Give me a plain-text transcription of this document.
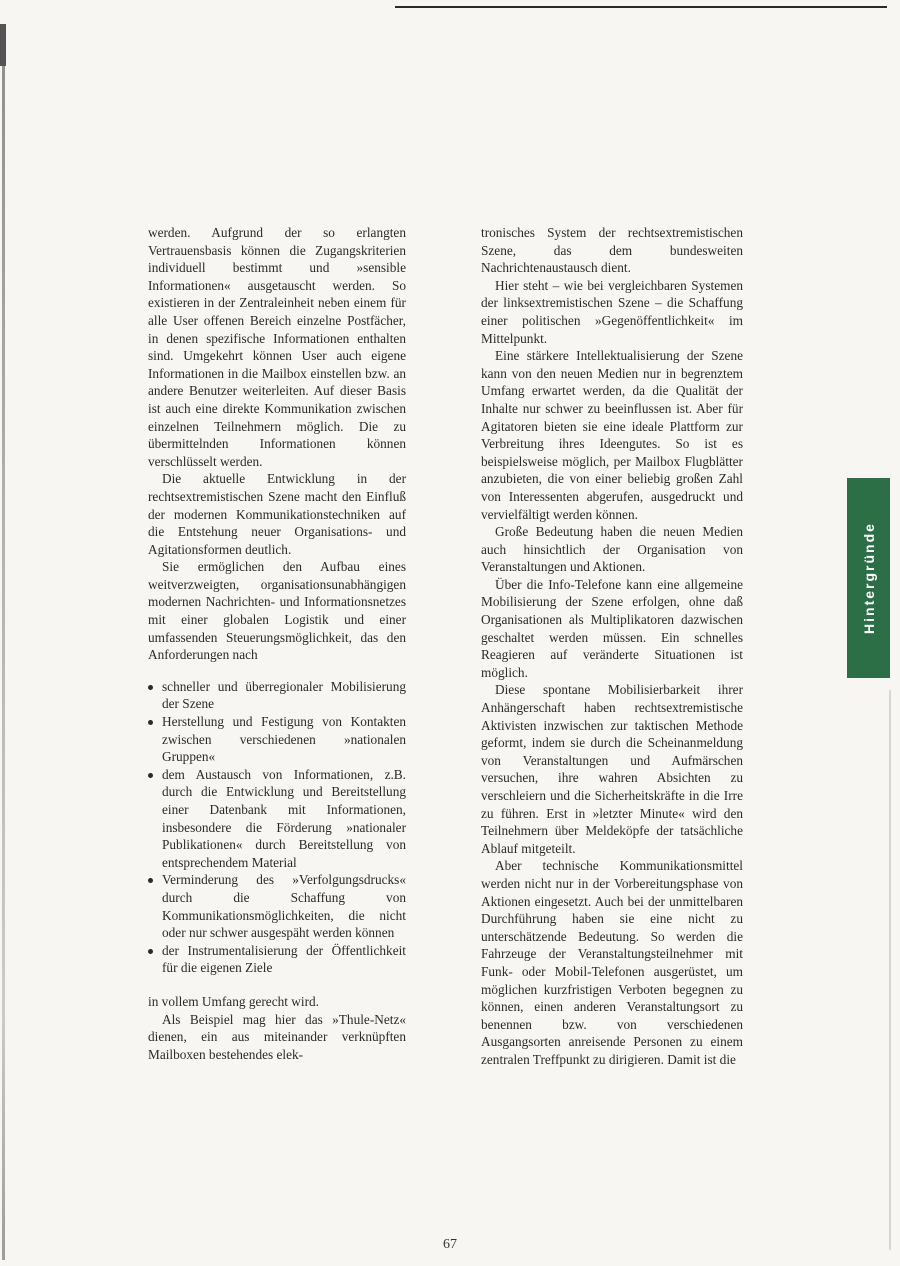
werden. Aufgrund der so erlangten Vertrauensbasis können die Zugangskriterien individuell bestimmt und »sensible Informationen« ausgetauscht werden. So existieren in der Zentraleinheit neben einem für alle User offenen Bereich einzelne Postfächer, in denen spezifische Informationen enthalten sind. Umgekehrt können User auch eigene Informationen in die Mailbox einstellen bzw. an andere Benutzer weiterleiten. Auf dieser Basis ist auch eine direkte Kommunikation zwischen einzelnen Teilnehmern möglich. Die zu übermittelnden Informationen können verschlüsselt werden.

Die aktuelle Entwicklung in der rechtsextremistischen Szene macht den Einfluß der modernen Kommunikationstechniken auf die Entstehung neuer Organisations- und Agitationsformen deutlich.

Sie ermöglichen den Aufbau eines weitverzweigten, organisationsunabhängigen modernen Nachrichten- und Informationsnetzes mit einer globalen Logistik und einer umfassenden Steuerungsmöglichkeit, das den Anforderungen nach

schneller und überregionaler Mobilisierung der Szene
Herstellung und Festigung von Kontakten zwischen verschiedenen »nationalen Gruppen«
dem Austausch von Informationen, z.B. durch die Entwicklung und Bereitstellung einer Datenbank mit Informationen, insbesondere die Förderung »nationaler Publikationen« durch Bereitstellung von entsprechendem Material
Verminderung des »Verfolgungsdrucks« durch die Schaffung von Kommunikationsmöglichkeiten, die nicht oder nur schwer ausgespäht werden können
der Instrumentalisierung der Öffentlichkeit für die eigenen Ziele

in vollem Umfang gerecht wird.

Als Beispiel mag hier das »Thule-Netz« dienen, ein aus miteinander verknüpften Mailboxen bestehendes elek-

tronisches System der rechtsextremistischen Szene, das dem bundesweiten Nachrichtenaustausch dient.

Hier steht – wie bei vergleichbaren Systemen der linksextremistischen Szene – die Schaffung einer politischen »Gegenöffentlichkeit« im Mittelpunkt.

Eine stärkere Intellektualisierung der Szene kann von den neuen Medien nur in begrenztem Umfang erwartet werden, da die Qualität der Inhalte nur schwer zu beeinflussen ist. Aber für Agitatoren bieten sie eine ideale Plattform zur Verbreitung ihres Ideengutes. So ist es beispielsweise möglich, per Mailbox Flugblätter anzubieten, die von einer beliebig großen Zahl von Interessenten abgerufen, ausgedruckt und vervielfältigt werden können.

Große Bedeutung haben die neuen Medien auch hinsichtlich der Organisation von Veranstaltungen und Aktionen.

Über die Info-Telefone kann eine allgemeine Mobilisierung der Szene erfolgen, ohne daß Organisationen als Multiplikatoren dazwischen geschaltet werden müssen. Ein schnelles Reagieren auf veränderte Situationen ist möglich.

Diese spontane Mobilisierbarkeit ihrer Anhängerschaft haben rechtsextremistische Aktivisten inzwischen zur taktischen Methode geformt, indem sie durch die Scheinanmeldung von Veranstaltungen und Aufmärschen versuchen, ihre wahren Absichten zu verschleiern und die Sicherheitskräfte in die Irre zu führen. Erst in »letzter Minute« wird den Teilnehmern über Meldeköpfe der tatsächliche Ablauf mitgeteilt.

Aber technische Kommunikationsmittel werden nicht nur in der Vorbereitungsphase von Aktionen eingesetzt. Auch bei der unmittelbaren Durchführung haben sie eine nicht zu unterschätzende Bedeutung. So werden die Fahrzeuge der Veranstaltungsteilnehmer mit Funk- oder Mobil-Telefonen ausgerüstet, um möglichen kurzfristigen Verboten begegnen zu können, einen anderen Veranstaltungsort zu benennen bzw. von verschiedenen Ausgangsorten anreisende Personen zu einem zentralen Treffpunkt zu dirigieren. Damit ist die

Hintergründe
67
